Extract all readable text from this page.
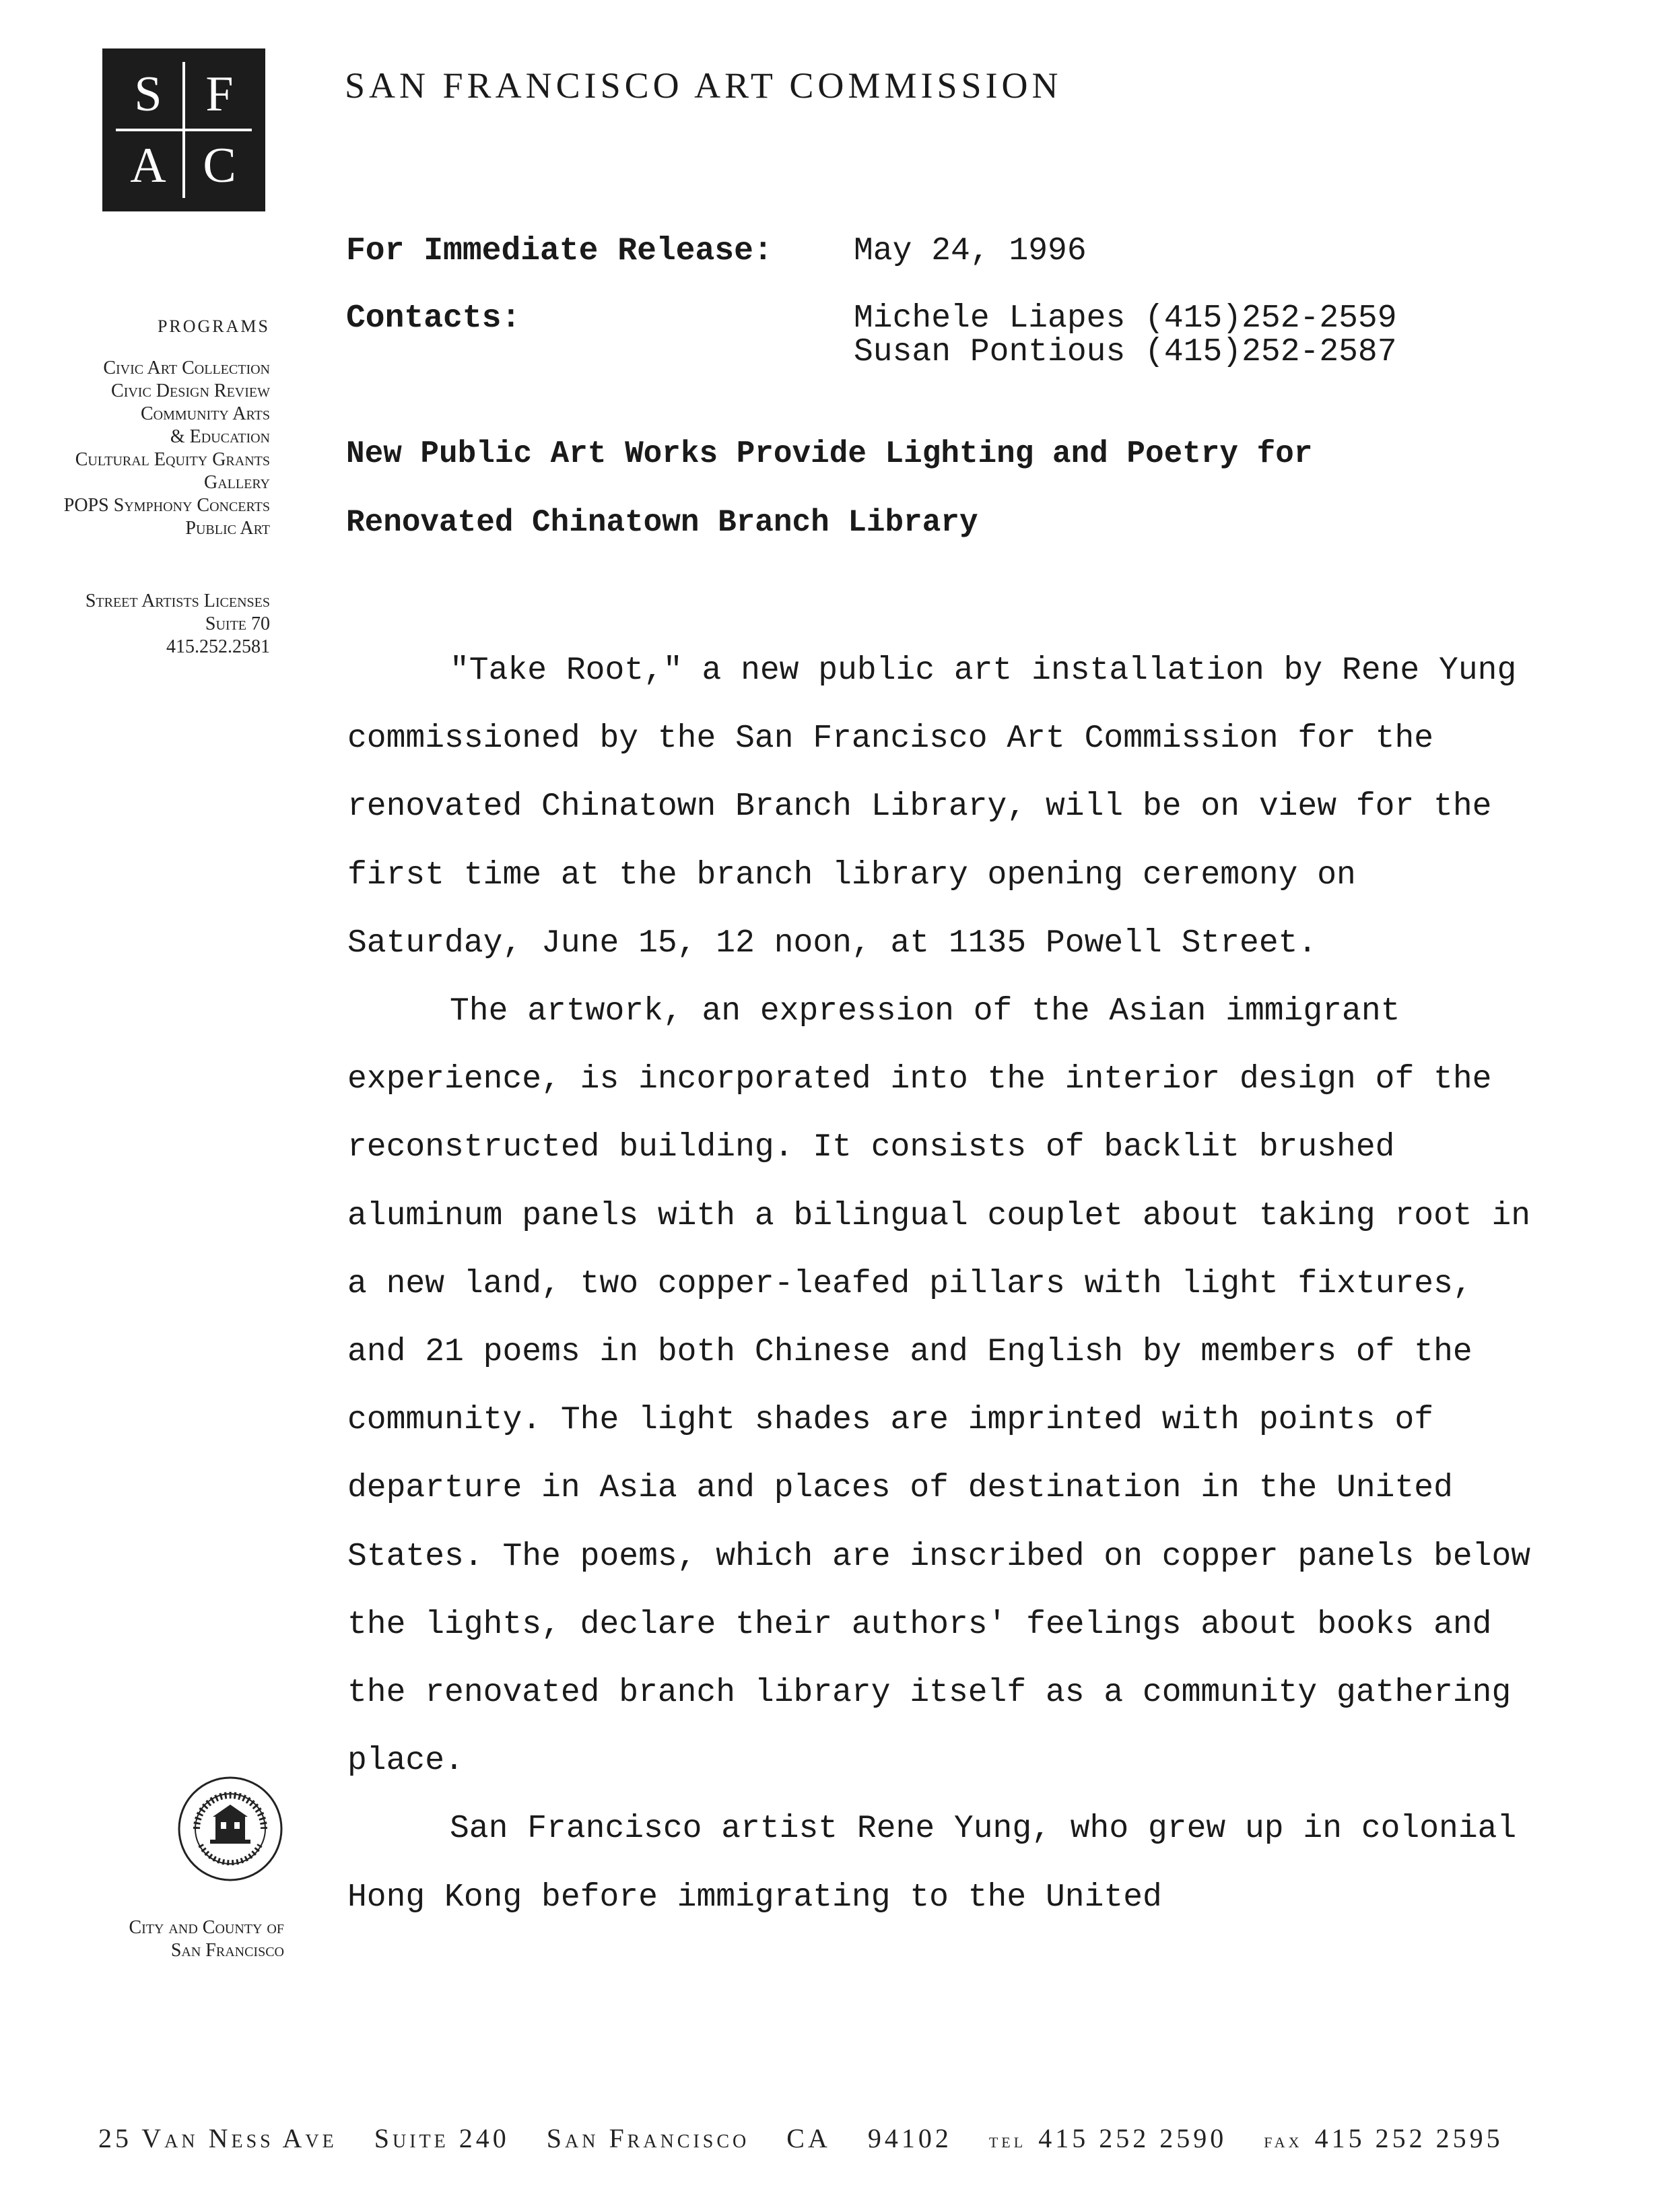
S F
A C
SAN FRANCISCO ART COMMISSION
PROGRAMS
Civic Art Collection
Civic Design Review
Community Arts
& Education
Cultural Equity Grants
Gallery
POPS Symphony Concerts
Public Art
Street Artists Licenses
Suite 70
415.252.2581
City and County of
San Francisco
For Immediate Release:	May 24, 1996
Contacts:	Michele Liapes (415)252-2559
Susan Pontious (415)252-2587
New Public Art Works Provide Lighting and Poetry for
Renovated Chinatown Branch Library

"Take Root," a new public art installation by Rene Yung commissioned by the San Francisco Art Commission for the renovated Chinatown Branch Library, will be on view for the first time at the branch library opening ceremony on Saturday, June 15, 12 noon, at 1135 Powell Street.

The artwork, an expression of the Asian immigrant experience, is incorporated into the interior design of the reconstructed building. It consists of backlit brushed aluminum panels with a bilingual couplet about taking root in a new land, two copper-leafed pillars with light fixtures, and 21 poems in both Chinese and English by members of the community. The light shades are imprinted with points of departure in Asia and places of destination in the United States. The poems, which are inscribed on copper panels below the lights, declare their authors' feelings about books and the renovated branch library itself as a community gathering place.

San Francisco artist Rene Yung, who grew up in colonial Hong Kong before immigrating to the United

25 Van Ness Ave Suite 240 San Francisco CA 94102 tel 415 252 2590 fax 415 252 2595
